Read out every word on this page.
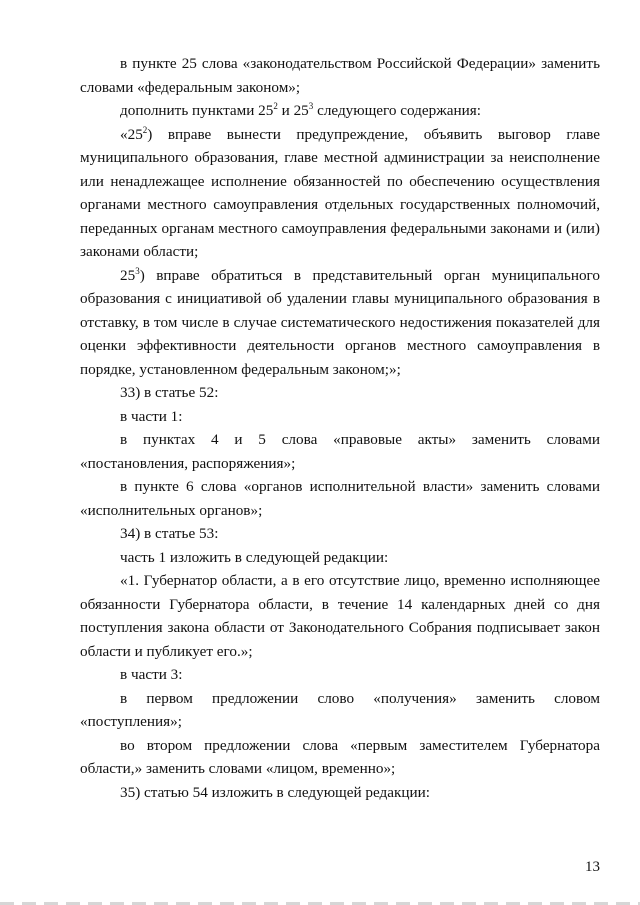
в пункте 25 слова «законодательством Российской Федерации» заменить словами «федеральным законом»;

дополнить пунктами $25^2$ и $25^3$ следующего содержания:

«$25^2$) вправе вынести предупреждение, объявить выговор главе муниципального образования, главе местной администрации за неисполнение или ненадлежащее исполнение обязанностей по обеспечению осуществления органами местного самоуправления отдельных государственных полномочий, переданных органам местного самоуправления федеральными законами и (или) законами области;

$25^3$) вправе обратиться в представительный орган муниципального образования с инициативой об удалении главы муниципального образования в отставку, в том числе в случае систематического недостижения показателей для оценки эффективности деятельности органов местного самоуправления в порядке, установленном федеральным законом;»;

33) в статье 52:

в части 1:

в пунктах 4 и 5 слова «правовые акты» заменить словами «постановления, распоряжения»;

в пункте 6 слова «органов исполнительной власти» заменить словами «исполнительных органов»;

34) в статье 53:

часть 1 изложить в следующей редакции:

«1. Губернатор области, а в его отсутствие лицо, временно исполняющее обязанности Губернатора области, в течение 14 календарных дней со дня поступления закона области от Законодательного Собрания подписывает закон области и публикует его.»;

в части 3:

в первом предложении слово «получения» заменить словом «поступления»;

во втором предложении слова «первым заместителем Губернатора области,» заменить словами «лицом, временно»;

35) статью 54 изложить в следующей редакции:

13
